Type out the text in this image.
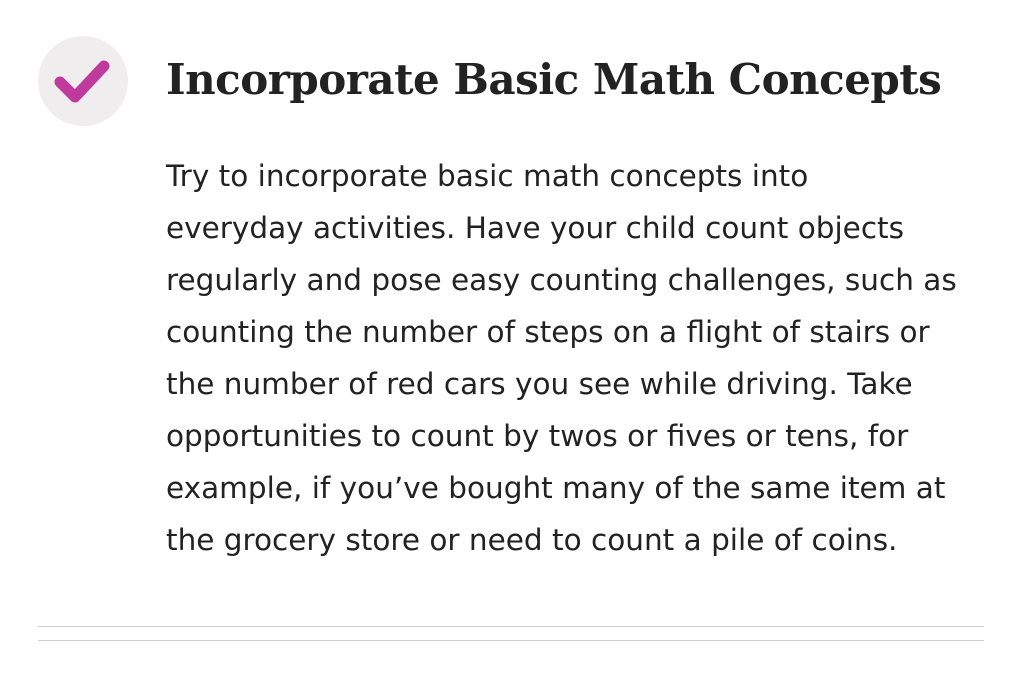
Incorporate Basic Math Concepts

Try to incorporate basic math concepts into
everyday activities. Have your child count objects
regularly and pose easy counting challenges, such as
counting the number of steps on a flight of stairs or
the number of red cars you see while driving. Take
opportunities to count by twos or fives or tens, for
example, if you’ve bought many of the same item at
the grocery store or need to count a pile of coins.
